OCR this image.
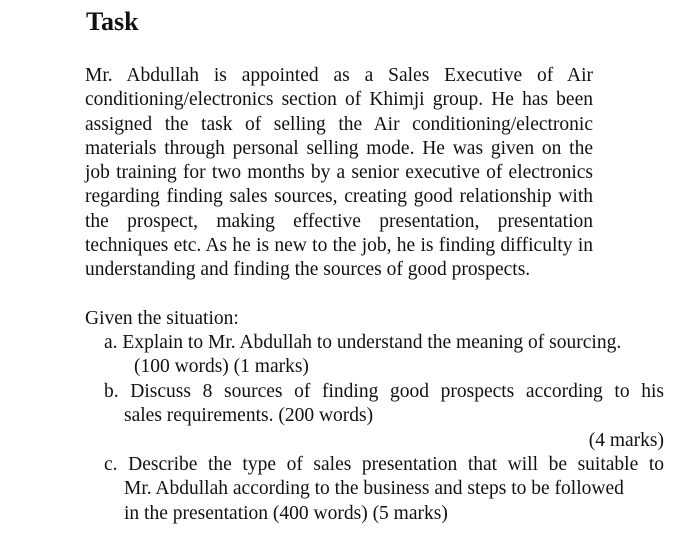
Task
Mr. Abdullah is appointed as a Sales Executive of Air conditioning/electronics section of Khimji group. He has been assigned the task of selling the Air conditioning/electronic materials through personal selling mode. He was given on the job training for two months by a senior executive of electronics regarding finding sales sources, creating good relationship with the prospect, making effective presentation, presentation techniques etc. As he is new to the job, he is finding difficulty in understanding and finding the sources of good prospects.
Given the situation:
a. Explain to Mr. Abdullah to understand the meaning of sourcing.
(100 words) (1 marks)
b. Discuss 8 sources of finding good prospects according to his
sales requirements. (200 words)
(4 marks)
c. Describe the type of sales presentation that will be suitable to
Mr. Abdullah according to the business and steps to be followed
in the presentation (400 words) (5 marks)
